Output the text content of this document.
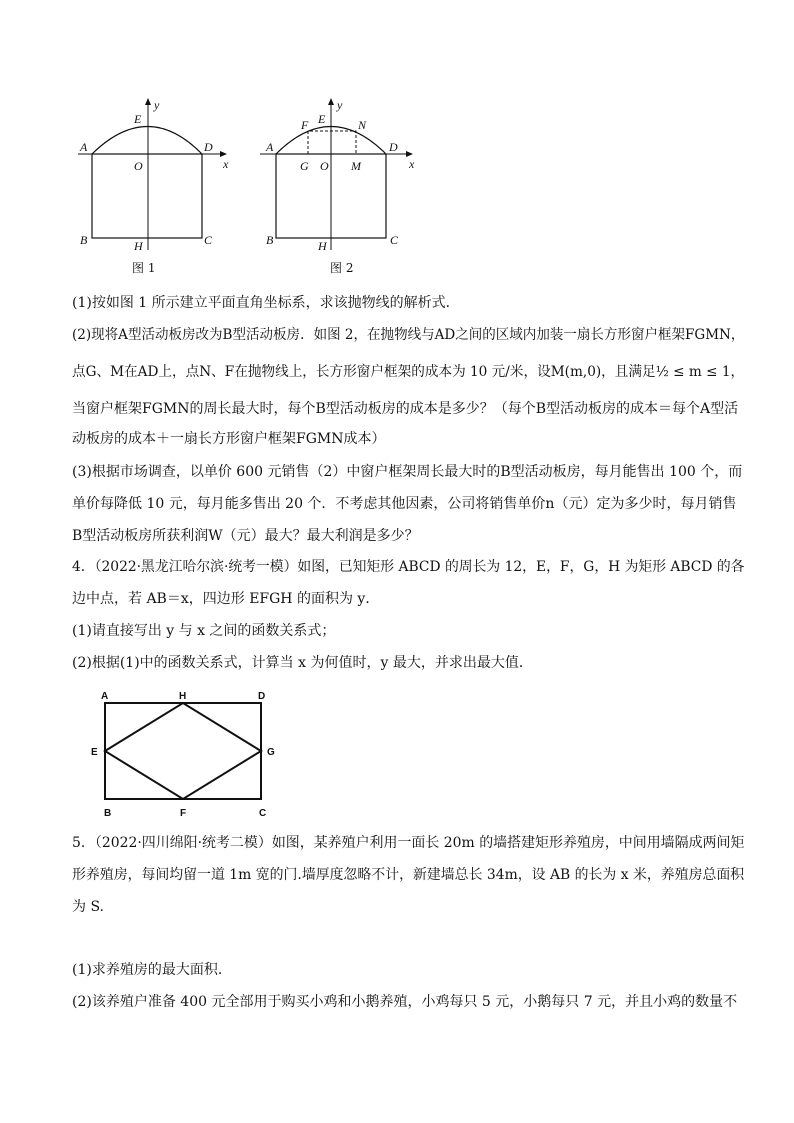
A	D
E
O	x
y
B	C
H
图 1
A	D
F E	N
G O M	x
y
B	C
H
图 2
(1)按如图 1 所示建立平面直角坐标系，求该抛物线的解析式．
(2)现将A型活动板房改为B型活动板房．如图 2，在抛物线与AD之间的区域内加装一扇长方形窗户框架FGMN，
点G、M在AD上，点N、F在抛物线上，长方形窗户框架的成本为 10 元/米，设M(m,0)，且满足½ ≤ m ≤ 1，
当窗户框架FGMN的周长最大时，每个B型活动板房的成本是多少？（每个B型活动板房的成本＝每个A型活
动板房的成本＋一扇长方形窗户框架FGMN成本）
(3)根据市场调查，以单价 600 元销售（2）中窗户框架周长最大时的B型活动板房，每月能售出 100 个，而
单价每降低 10 元，每月能多售出 20 个．不考虑其他因素，公司将销售单价n（元）定为多少时，每月销售
B型活动板房所获利润W（元）最大？最大利润是多少？
4．（2022·黑龙江哈尔滨·统考一模）如图，已知矩形 ABCD 的周长为 12，E，F，G，H 为矩形 ABCD 的各
边中点，若 AB＝x，四边形 EFGH 的面积为 y．
(1)请直接写出 y 与 x 之间的函数关系式；
(2)根据(1)中的函数关系式，计算当 x 为何值时，y 最大，并求出最大值．
A	H	D
E	G
B	F	C
5．（2022·四川绵阳·统考二模）如图，某养殖户利用一面长 20m 的墙搭建矩形养殖房，中间用墙隔成两间矩
形养殖房，每间均留一道 1m 宽的门.墙厚度忽略不计，新建墙总长 34m，设 AB 的长为 x 米，养殖房总面积
为 S.
(1)求养殖房的最大面积.
(2)该养殖户准备 400 元全部用于购买小鸡和小鹅养殖，小鸡每只 5 元，小鹅每只 7 元，并且小鸡的数量不
